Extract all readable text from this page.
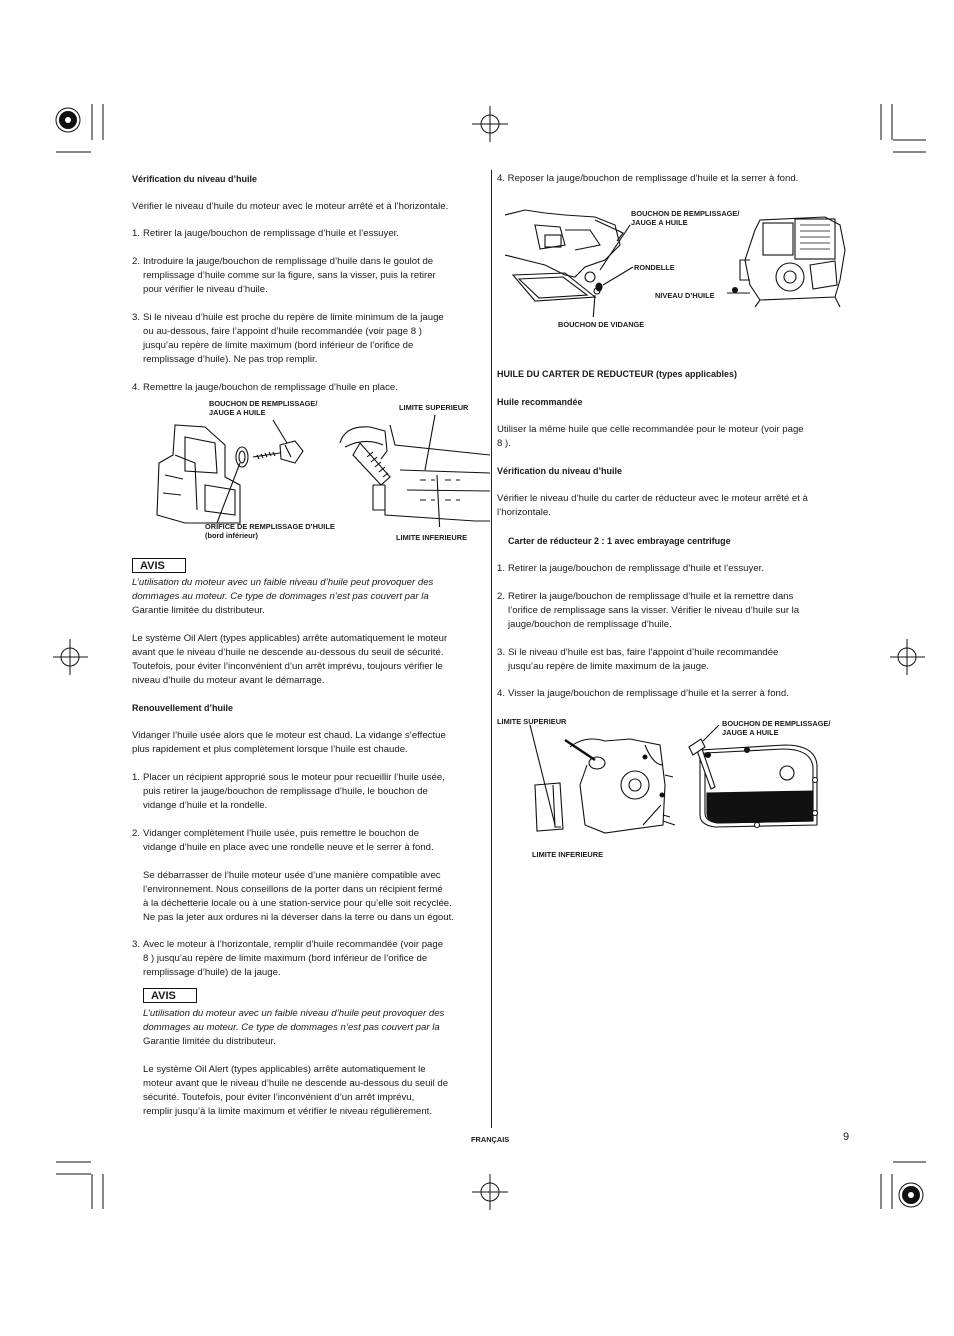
Vérification du niveau d’huile
Vérifier le niveau d’huile du moteur avec le moteur arrêté et à l’horizontale.
1. Retirer la jauge/bouchon de remplissage d’huile et l’essuyer.
2. Introduire la jauge/bouchon de remplissage d’huile dans le goulot de
remplissage d’huile comme sur la figure, sans la visser, puis la retirer
pour vérifier le niveau d’huile.
3. Si le niveau d’huile est proche du repère de limite minimum de la jauge
ou au-dessous, faire l’appoint d’huile recommandée (voir page 8 )
jusqu’au repère de limite maximum (bord inférieur de l’orifice de
remplissage d’huile). Ne pas trop remplir.
4. Remettre la jauge/bouchon de remplissage d’huile en place.
BOUCHON DE REMPLISSAGE/
JAUGE A HUILE
LIMITE SUPERIEUR
ORIFICE DE REMPLISSAGE D’HUILE
(bord inférieur)	LIMITE INFERIEURE
AVIS
L’utilisation du moteur avec un faible niveau d’huile peut provoquer des
dommages au moteur. Ce type de dommages n’est pas couvert par la
Garantie limitée du distributeur.
Le système Oil Alert (types applicables) arrête automatiquement le moteur
avant que le niveau d’huile ne descende au-dessous du seuil de sécurité.
Toutefois, pour éviter l’inconvénient d’un arrêt imprévu, toujours vérifier le
niveau d’huile du moteur avant le démarrage.
Renouvellement d’huile
Vidanger l’huile usée alors que le moteur est chaud. La vidange s’effectue
plus rapidement et plus complètement lorsque l’huile est chaude.
1. Placer un récipient approprié sous le moteur pour recueillir l’huile usée,
puis retirer la jauge/bouchon de remplissage d’huile, le bouchon de
vidange d’huile et la rondelle.
2. Vidanger complètement l’huile usée, puis remettre le bouchon de
vidange d’huile en place avec une rondelle neuve et le serrer à fond.
Se débarrasser de l’huile moteur usée d’une manière compatible avec
l’environnement. Nous conseillons de la porter dans un récipient fermé
à la déchetterie locale ou à une station-service pour qu’elle soit recyclée.
Ne pas la jeter aux ordures ni la déverser dans la terre ou dans un égout.
3. Avec le moteur à l’horizontale, remplir d’huile recommandée (voir page
8 ) jusqu’au repère de limite maximum (bord inférieur de l’orifice de
remplissage d’huile) de la jauge.
AVIS
L’utilisation du moteur avec un faible niveau d’huile peut provoquer des
dommages au moteur. Ce type de dommages n’est pas couvert par la
Garantie limitée du distributeur.
Le système Oil Alert (types applicables) arrête automatiquement le
moteur avant que le niveau d’huile ne descende au-dessous du seuil de
sécurité. Toutefois, pour éviter l’inconvénient d’un arrêt imprévu,
remplir jusqu’à la limite maximum et vérifier le niveau régulièrement.
4. Reposer la jauge/bouchon de remplissage d’huile et la serrer à fond.
BOUCHON DE REMPLISSAGE/
JAUGE A HUILE
RONDELLE
NIVEAU D’HUILE
BOUCHON DE VIDANGE
HUILE DU CARTER DE REDUCTEUR (types applicables)
Huile recommandée
Utiliser la même huile que celle recommandée pour le moteur (voir page
8 ).
Vérification du niveau d’huile
Vérifier le niveau d’huile du carter de réducteur avec le moteur arrêté et à
l’horizontale.
Carter de réducteur 2 : 1 avec embrayage centrifuge
1. Retirer la jauge/bouchon de remplissage d’huile et l’essuyer.
2. Retirer la jauge/bouchon de remplissage d’huile et la remettre dans
l’orifice de remplissage sans la visser. Vérifier le niveau d’huile sur la
jauge/bouchon de remplissage d’huile.
3. Si le niveau d’huile est bas, faire l’appoint d’huile recommandée
jusqu’au repère de limite maximum de la jauge.
4. Visser la jauge/bouchon de remplissage d’huile et la serrer à fond.
LIMITE SUPERIEUR	BOUCHON DE REMPLISSAGE/
JAUGE A HUILE
LIMITE INFERIEURE
FRANÇAIS	9
